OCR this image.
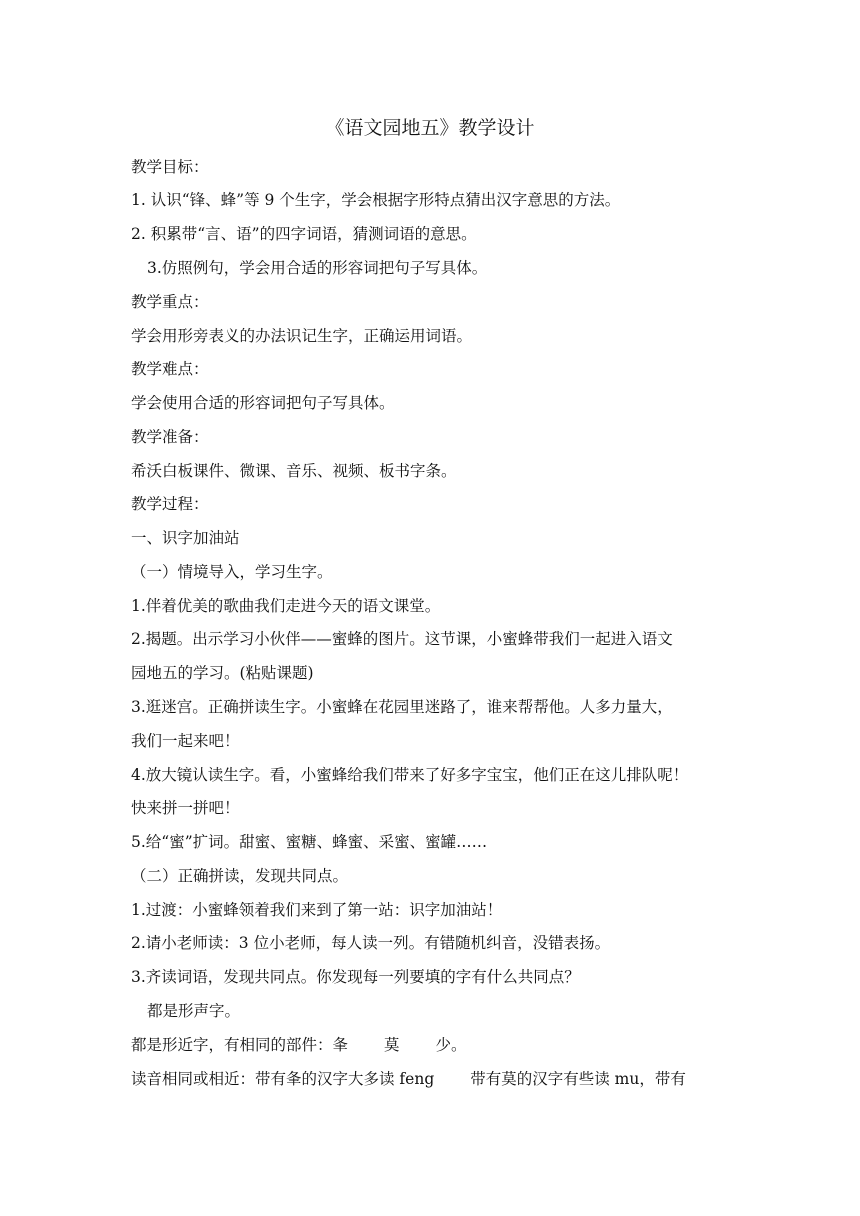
《语文园地五》教学设计
教学目标：
1. 认识“锋、蜂”等 9 个生字，学会根据字形特点猜出汉字意思的方法。
2. 积累带“言、语”的四字词语，猜测词语的意思。
3.仿照例句，学会用合适的形容词把句子写具体。
教学重点：
学会用形旁表义的办法识记生字，正确运用词语。
教学难点：
学会使用合适的形容词把句子写具体。
教学准备：
希沃白板课件、微课、音乐、视频、板书字条。
教学过程：
一、识字加油站
（一）情境导入，学习生字。
1.伴着优美的歌曲我们走进今天的语文课堂。
2.揭题。出示学习小伙伴——蜜蜂的图片。这节课，小蜜蜂带我们一起进入语文
园地五的学习。(粘贴课题)
3.逛迷宫。正确拼读生字。小蜜蜂在花园里迷路了，谁来帮帮他。人多力量大，
我们一起来吧！
4.放大镜认读生字。看，小蜜蜂给我们带来了好多字宝宝，他们正在这儿排队呢！
快来拼一拼吧！
5.给“蜜”扩词。甜蜜、蜜糖、蜂蜜、采蜜、蜜罐……
（二）正确拼读，发现共同点。
1.过渡：小蜜蜂领着我们来到了第一站：识字加油站！
2.请小老师读：3 位小老师，每人读一列。有错随机纠音，没错表扬。
3.齐读词语，发现共同点。你发现每一列要填的字有什么共同点？
都是形声字。
都是形近字，有相同的部件：夆 莫 少。
读音相同或相近：带有夆的汉字大多读 feng 带有莫的汉字有些读 mu，带有
